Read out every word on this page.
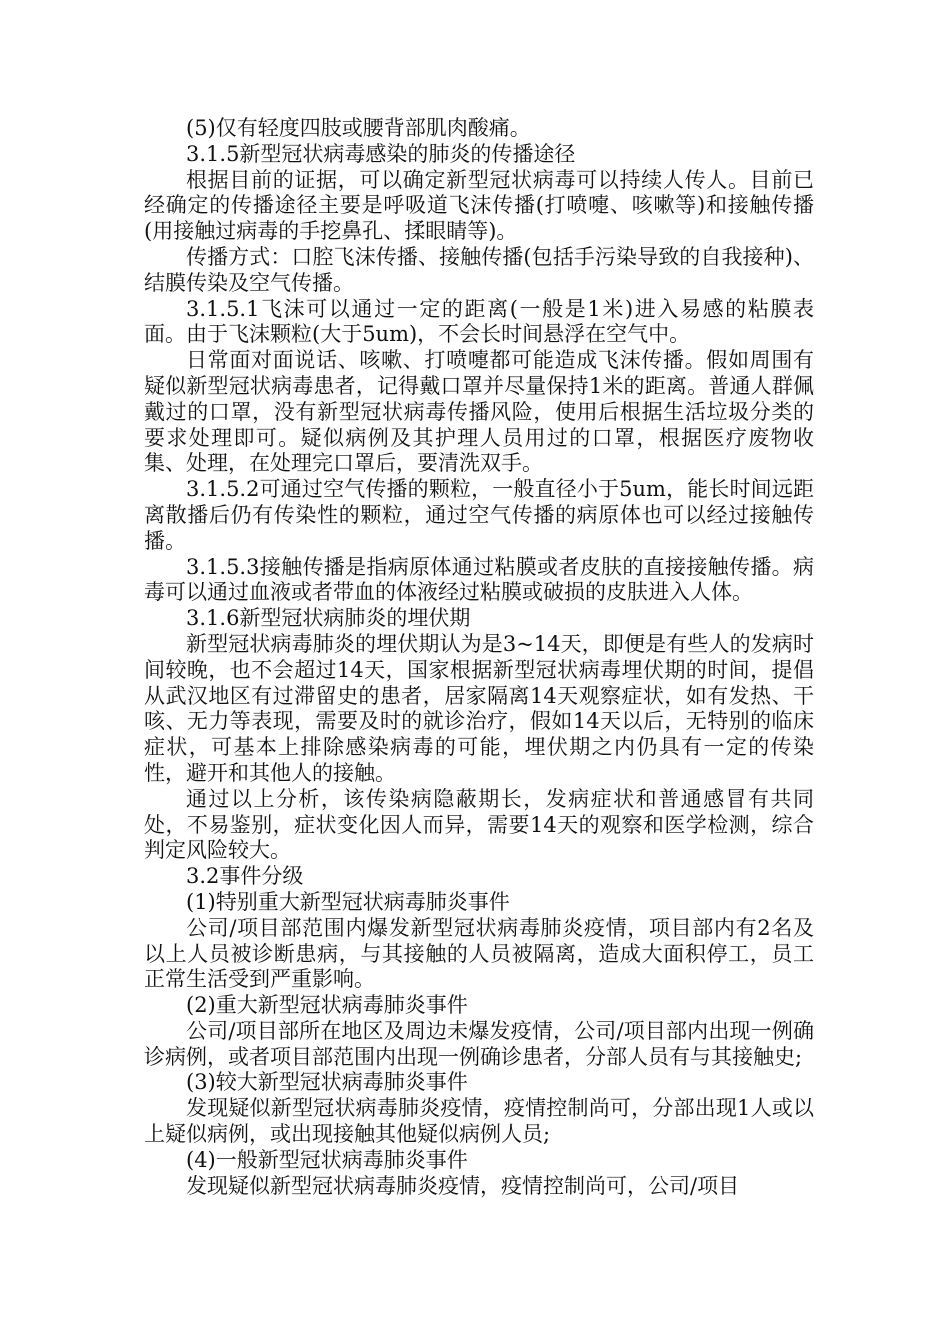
(5)仅有轻度四肢或腰背部肌肉酸痛。

3.1.5新型冠状病毒感染的肺炎的传播途径

根据目前的证据，可以确定新型冠状病毒可以持续人传人。目前已经确定的传播途径主要是呼吸道飞沫传播(打喷嚏、咳嗽等)和接触传播(用接触过病毒的手挖鼻孔、揉眼睛等)。

传播方式：口腔飞沫传播、接触传播(包括手污染导致的自我接种)、结膜传染及空气传播。

3.1.5.1飞沫可以通过一定的距离(一般是1米)进入易感的粘膜表面。由于飞沫颗粒(大于5um)，不会长时间悬浮在空气中。

日常面对面说话、咳嗽、打喷嚏都可能造成飞沫传播。假如周围有疑似新型冠状病毒患者，记得戴口罩并尽量保持1米的距离。普通人群佩戴过的口罩，没有新型冠状病毒传播风险，使用后根据生活垃圾分类的要求处理即可。疑似病例及其护理人员用过的口罩，根据医疗废物收集、处理，在处理完口罩后，要清洗双手。

3.1.5.2可通过空气传播的颗粒，一般直径小于5um，能长时间远距离散播后仍有传染性的颗粒，通过空气传播的病原体也可以经过接触传播。

3.1.5.3接触传播是指病原体通过粘膜或者皮肤的直接接触传播。病毒可以通过血液或者带血的体液经过粘膜或破损的皮肤进入人体。

3.1.6新型冠状病肺炎的埋伏期

新型冠状病毒肺炎的埋伏期认为是3~14天，即便是有些人的发病时间较晚，也不会超过14天，国家根据新型冠状病毒埋伏期的时间，提倡从武汉地区有过滞留史的患者，居家隔离14天观察症状，如有发热、干咳、无力等表现，需要及时的就诊治疗，假如14天以后，无特别的临床症状，可基本上排除感染病毒的可能，埋伏期之内仍具有一定的传染性，避开和其他人的接触。

通过以上分析，该传染病隐蔽期长，发病症状和普通感冒有共同处，不易鉴别，症状变化因人而异，需要14天的观察和医学检测，综合判定风险较大。

3.2事件分级

(1)特别重大新型冠状病毒肺炎事件

公司/项目部范围内爆发新型冠状病毒肺炎疫情，项目部内有2名及以上人员被诊断患病，与其接触的人员被隔离，造成大面积停工，员工正常生活受到严重影响。

(2)重大新型冠状病毒肺炎事件

公司/项目部所在地区及周边未爆发疫情，公司/项目部内出现一例确诊病例，或者项目部范围内出现一例确诊患者，分部人员有与其接触史;

(3)较大新型冠状病毒肺炎事件

发现疑似新型冠状病毒肺炎疫情，疫情控制尚可，分部出现1人或以上疑似病例，或出现接触其他疑似病例人员;

(4)一般新型冠状病毒肺炎事件

发现疑似新型冠状病毒肺炎疫情，疫情控制尚可，公司/项目
